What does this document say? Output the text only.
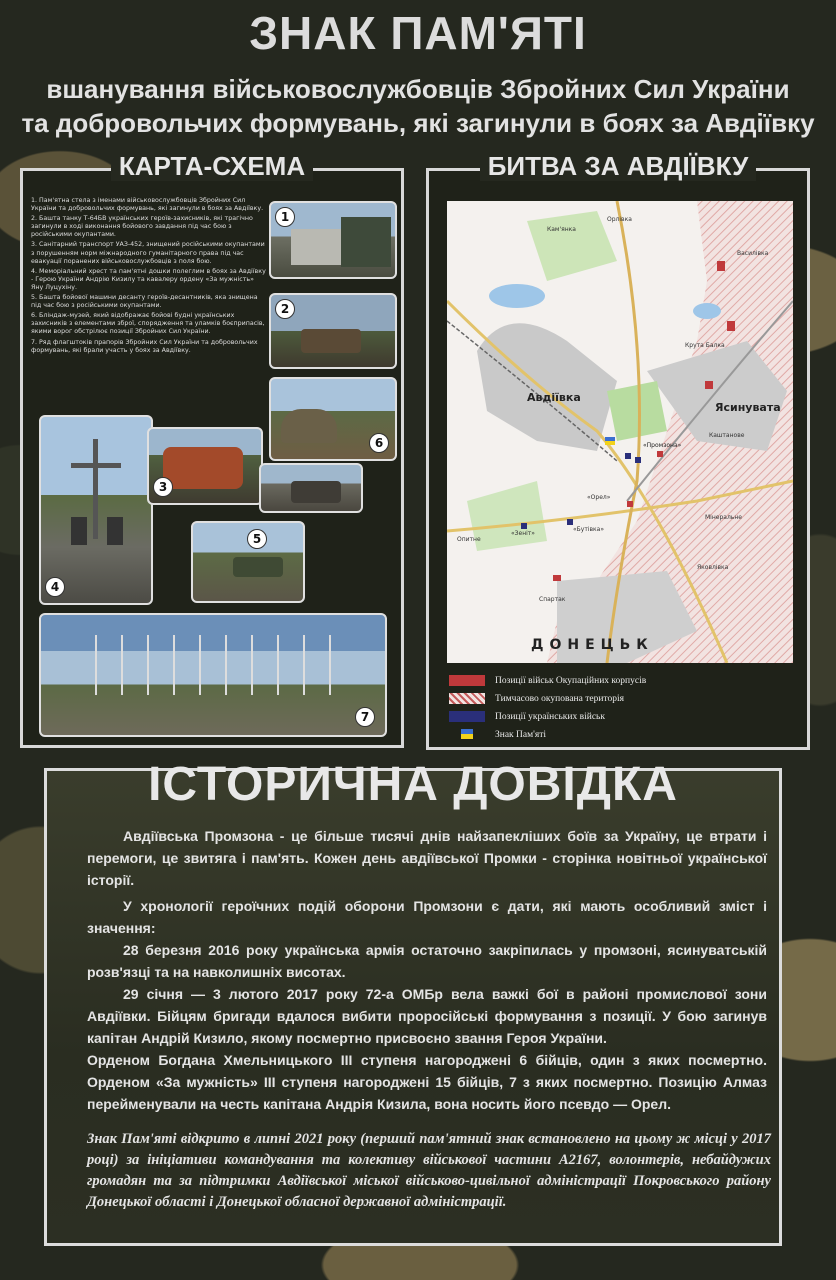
ЗНАК ПАМ'ЯТІ
вшанування військовослужбовців Збройних Сил України
та добровольчих формувань, які загинули в боях за Авдіївку
КАРТА-СХЕМА
1. Пам'ятна стела з іменами військовослужбовців Збройних Сил України та добровольчих формувань, які загинули в боях за Авдіївку.
2. Башта танку Т-64БВ українських героїв-захисників, які трагічно загинули в ході виконання бойового завдання під час бою з російськими окупантами.
3. Санітарний транспорт УАЗ-452, знищений російськими окупантами з порушенням норм міжнародного гуманітарного права під час евакуації поранених військовослужбовців з поля бою.
4. Меморіальний хрест та пам'ятні дошки полеглим в боях за Авдіївку - Герою України Андрію Кизилу та кавалеру ордену «За мужність» Яну Луцухіну.
5. Башта бойової машини десанту героїв-десантників, яка знищена під час бою з російськими окупантами.
6. Бліндаж-музей, який відображає бойові будні українських захисників з елементами зброї, спорядження та уламків боєприпасів, якими ворог обстрілює позиції Збройних Сил України.
7. Ряд флагштоків прапорів Збройних Сил України та добровольчих формувань, які брали участь у боях за Авдіївку.
1
2
6
4
3
5
7
БИТВА ЗА АВДІЇВКУ
Авдіївка
Ясинувата
ДОНЕЦЬК
«Промзона»
Крута Балка
Каштанове
Василівка
Спартак
Опитне
Мінеральне
Яковлівка
Орлівка
Кам'янка
«Бутівка»
«Орел»
«Зеніт»
Позиції військ Окупаційних корпусів
Тимчасово окупована територія
Позиції українських військ
Знак Пам'яті
ІСТОРИЧНА ДОВІДКА

Авдіївська Промзона - це більше тисячі днів найзапекліших боїв за Україну, це втрати і перемоги, це звитяга і пам'ять. Кожен день авдіївської Промки - сторінка новітньої української історії.

У хронології героїчних подій оборони Промзони є дати, які мають особливий зміст і значення:

28 березня 2016 року українська армія остаточно закріпилась у промзоні, ясинуватській розв'язці та на навколишніх висотах.

29 січня — 3 лютого 2017 року 72-а ОМБр вела важкі бої в районі промислової зони Авдіївки. Бійцям бригади вдалося вибити проросійські формування з позиції. У бою загинув капітан Андрій Кизило, якому посмертно присвоєно звання Героя України.

Орденом Богдана Хмельницького ІІІ ступеня нагороджені 6 бійців, один з яких посмертно. Орденом «За мужність» ІІІ ступеня нагороджені 15 бійців, 7 з яких посмертно. Позицію Алмаз перейменували на честь капітана Андрія Кизила, вона носить його псевдо — Орел.

Знак Пам'яті відкрито в липні 2021 року (перший пам'ятний знак встановлено на цьому ж місці у 2017 році) за ініціативи командування та колективу військової частини А2167, волонтерів, небайдужих громадян та за підтримки Авдіївської міської військово-цивільної адміністрації Покровського району Донецької області і Донецької обласної державної адміністрації.
